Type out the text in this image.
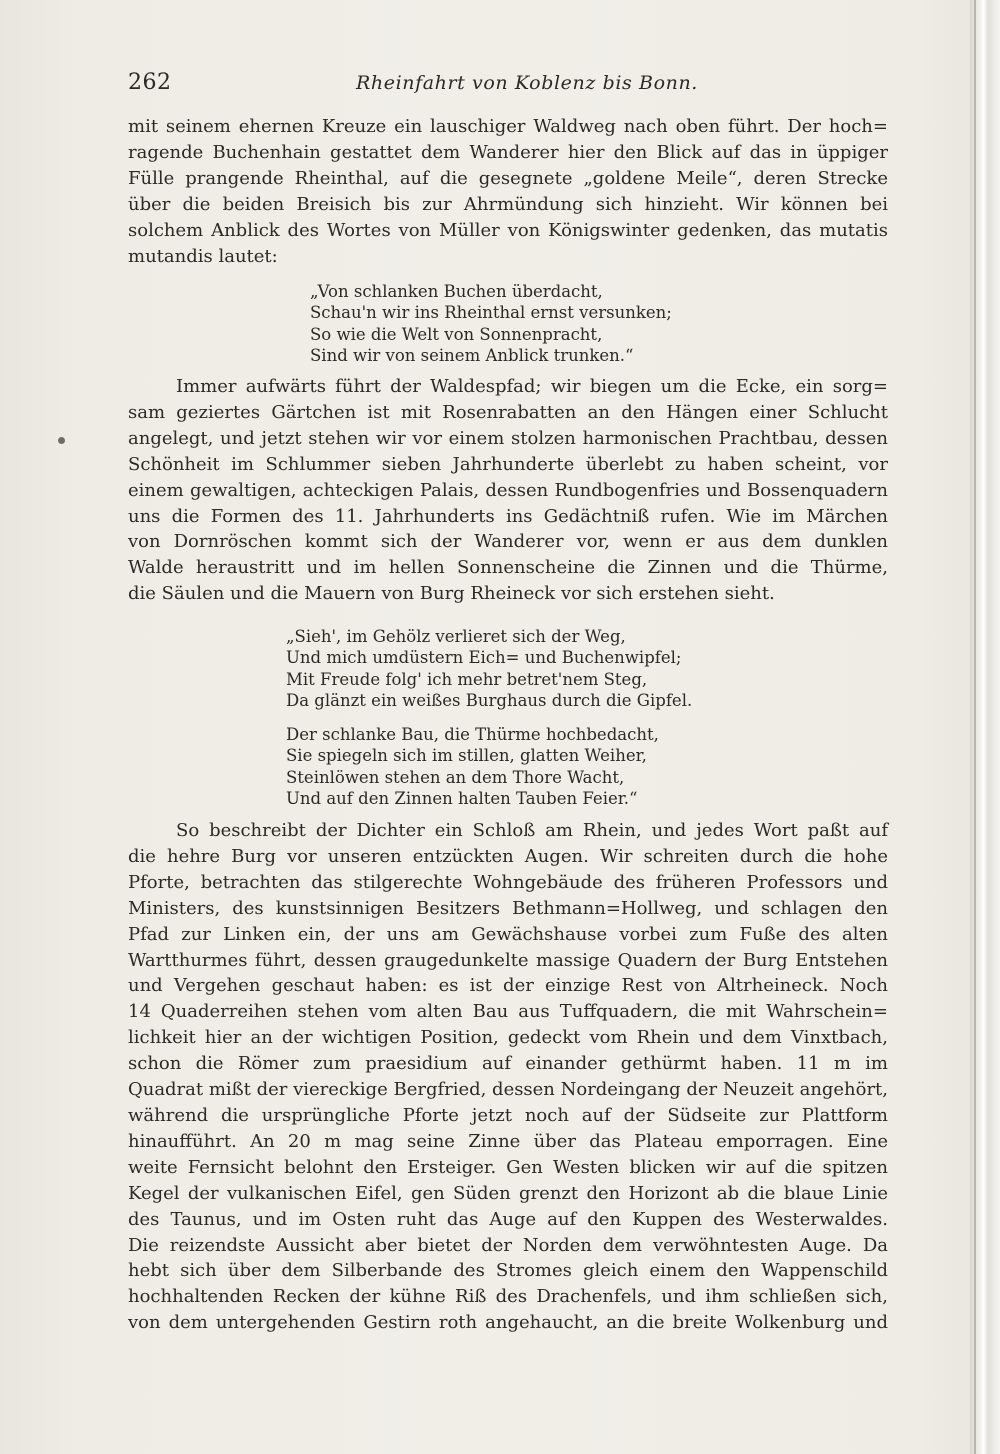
262	Rheinfahrt von Koblenz bis Bonn.
mit seinem ehernen Kreuze ein lauschiger Waldweg nach oben führt. Der hoch=
ragende Buchenhain gestattet dem Wanderer hier den Blick auf das in üppiger
Fülle prangende Rheinthal, auf die gesegnete „goldene Meile“, deren Strecke
über die beiden Breisich bis zur Ahrmündung sich hinzieht. Wir können bei
solchem Anblick des Wortes von Müller von Königswinter gedenken, das mutatis
mutandis lautet:
„Von schlanken Buchen überdacht,
Schau'n wir ins Rheinthal ernst versunken;
So wie die Welt von Sonnenpracht,
Sind wir von seinem Anblick trunken.“
Immer aufwärts führt der Waldespfad; wir biegen um die Ecke, ein sorg=
sam geziertes Gärtchen ist mit Rosenrabatten an den Hängen einer Schlucht
angelegt, und jetzt stehen wir vor einem stolzen harmonischen Prachtbau, dessen
Schönheit im Schlummer sieben Jahrhunderte überlebt zu haben scheint, vor
einem gewaltigen, achteckigen Palais, dessen Rundbogenfries und Bossenquadern
uns die Formen des 11. Jahrhunderts ins Gedächtniß rufen. Wie im Märchen
von Dornröschen kommt sich der Wanderer vor, wenn er aus dem dunklen
Walde heraustritt und im hellen Sonnenscheine die Zinnen und die Thürme,
die Säulen und die Mauern von Burg Rheineck vor sich erstehen sieht.
„Sieh', im Gehölz verlieret sich der Weg,
Und mich umdüstern Eich= und Buchenwipfel;
Mit Freude folg' ich mehr betret'nem Steg,
Da glänzt ein weißes Burghaus durch die Gipfel.
Der schlanke Bau, die Thürme hochbedacht,
Sie spiegeln sich im stillen, glatten Weiher,
Steinlöwen stehen an dem Thore Wacht,
Und auf den Zinnen halten Tauben Feier.“
So beschreibt der Dichter ein Schloß am Rhein, und jedes Wort paßt auf
die hehre Burg vor unseren entzückten Augen. Wir schreiten durch die hohe
Pforte, betrachten das stilgerechte Wohngebäude des früheren Professors und
Ministers, des kunstsinnigen Besitzers Bethmann=Hollweg, und schlagen den
Pfad zur Linken ein, der uns am Gewächshause vorbei zum Fuße des alten
Wartthurmes führt, dessen graugedunkelte massige Quadern der Burg Entstehen
und Vergehen geschaut haben: es ist der einzige Rest von Altrheineck. Noch
14 Quaderreihen stehen vom alten Bau aus Tuffquadern, die mit Wahrschein=
lichkeit hier an der wichtigen Position, gedeckt vom Rhein und dem Vinxtbach,
schon die Römer zum praesidium auf einander gethürmt haben. 11 m im
Quadrat mißt der viereckige Bergfried, dessen Nordeingang der Neuzeit angehört,
während die ursprüngliche Pforte jetzt noch auf der Südseite zur Plattform
hinaufführt. An 20 m mag seine Zinne über das Plateau emporragen. Eine
weite Fernsicht belohnt den Ersteiger. Gen Westen blicken wir auf die spitzen
Kegel der vulkanischen Eifel, gen Süden grenzt den Horizont ab die blaue Linie
des Taunus, und im Osten ruht das Auge auf den Kuppen des Westerwaldes.
Die reizendste Aussicht aber bietet der Norden dem verwöhntesten Auge. Da
hebt sich über dem Silberbande des Stromes gleich einem den Wappenschild
hochhaltenden Recken der kühne Riß des Drachenfels, und ihm schließen sich,
von dem untergehenden Gestirn roth angehaucht, an die breite Wolkenburg und
